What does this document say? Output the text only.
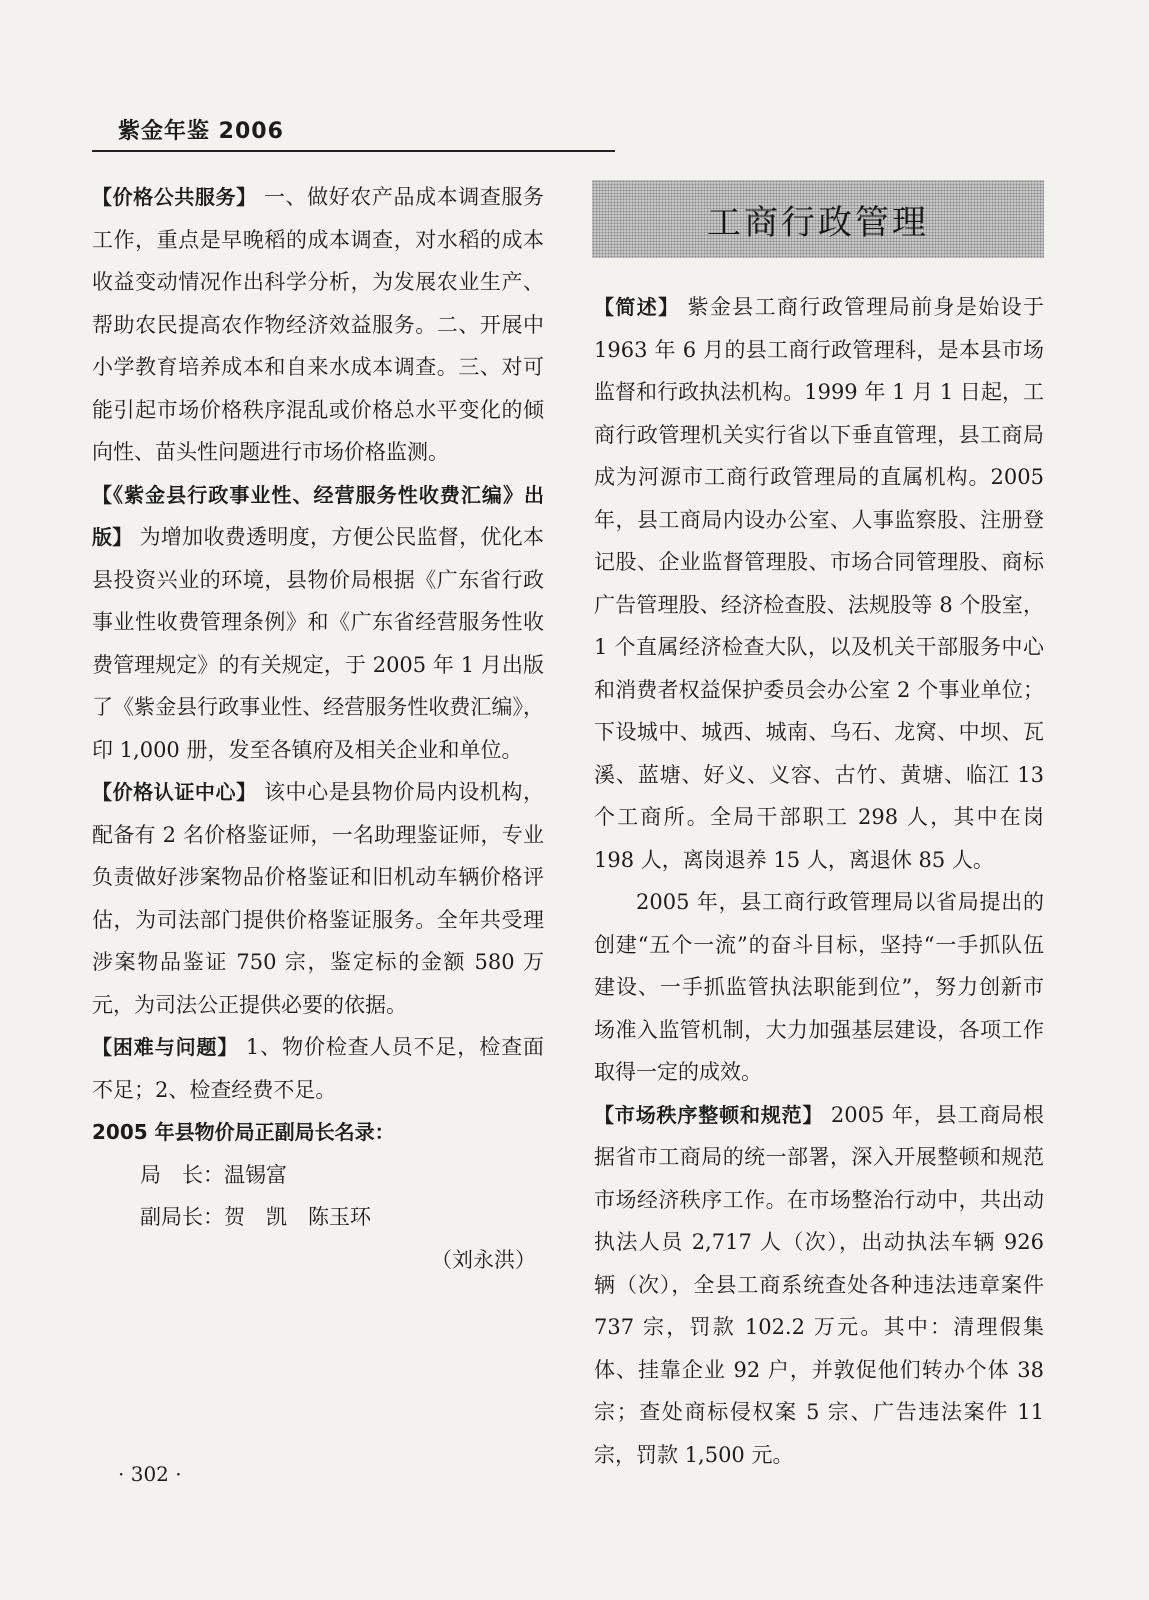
紫金年鉴 2006

【价格公共服务】 一、做好农产品成本调查服务工作，重点是早晚稻的成本调查，对水稻的成本收益变动情况作出科学分析，为发展农业生产、帮助农民提高农作物经济效益服务。二、开展中小学教育培养成本和自来水成本调查。三、对可能引起市场价格秩序混乱或价格总水平变化的倾向性、苗头性问题进行市场价格监测。

【《紫金县行政事业性、经营服务性收费汇编》出版】 为增加收费透明度，方便公民监督，优化本县投资兴业的环境，县物价局根据《广东省行政事业性收费管理条例》和《广东省经营服务性收费管理规定》的有关规定，于 2005 年 1 月出版了《紫金县行政事业性、经营服务性收费汇编》，印 1,000 册，发至各镇府及相关企业和单位。

【价格认证中心】 该中心是县物价局内设机构，配备有 2 名价格鉴证师，一名助理鉴证师，专业负责做好涉案物品价格鉴证和旧机动车辆价格评估，为司法部门提供价格鉴证服务。全年共受理涉案物品鉴证 750 宗，鉴定标的金额 580 万元，为司法公正提供必要的依据。

【困难与问题】 1、物价检查人员不足，检查面不足；2、检查经费不足。

2005 年县物价局正副局长名录：

局　长：温锡富

副局长：贺　凯　陈玉环

（刘永洪）

工商行政管理

【简述】 紫金县工商行政管理局前身是始设于 1963 年 6 月的县工商行政管理科，是本县市场监督和行政执法机构。1999 年 1 月 1 日起，工商行政管理机关实行省以下垂直管理，县工商局成为河源市工商行政管理局的直属机构。2005 年，县工商局内设办公室、人事监察股、注册登记股、企业监督管理股、市场合同管理股、商标广告管理股、经济检查股、法规股等 8 个股室，1 个直属经济检查大队，以及机关干部服务中心和消费者权益保护委员会办公室 2 个事业单位；下设城中、城西、城南、乌石、龙窝、中坝、瓦溪、蓝塘、好义、义容、古竹、黄塘、临江 13 个工商所。全局干部职工 298 人，其中在岗 198 人，离岗退养 15 人，离退休 85 人。

2005 年，县工商行政管理局以省局提出的创建“五个一流”的奋斗目标，坚持“一手抓队伍建设、一手抓监管执法职能到位”，努力创新市场准入监管机制，大力加强基层建设，各项工作取得一定的成效。

【市场秩序整顿和规范】 2005 年，县工商局根据省市工商局的统一部署，深入开展整顿和规范市场经济秩序工作。在市场整治行动中，共出动执法人员 2,717 人（次），出动执法车辆 926 辆（次），全县工商系统查处各种违法违章案件 737 宗，罚款 102.2 万元。其中：清理假集体、挂靠企业 92 户，并敦促他们转办个体 38 宗；查处商标侵权案 5 宗、广告违法案件 11 宗，罚款 1,500 元。

· 302 ·
